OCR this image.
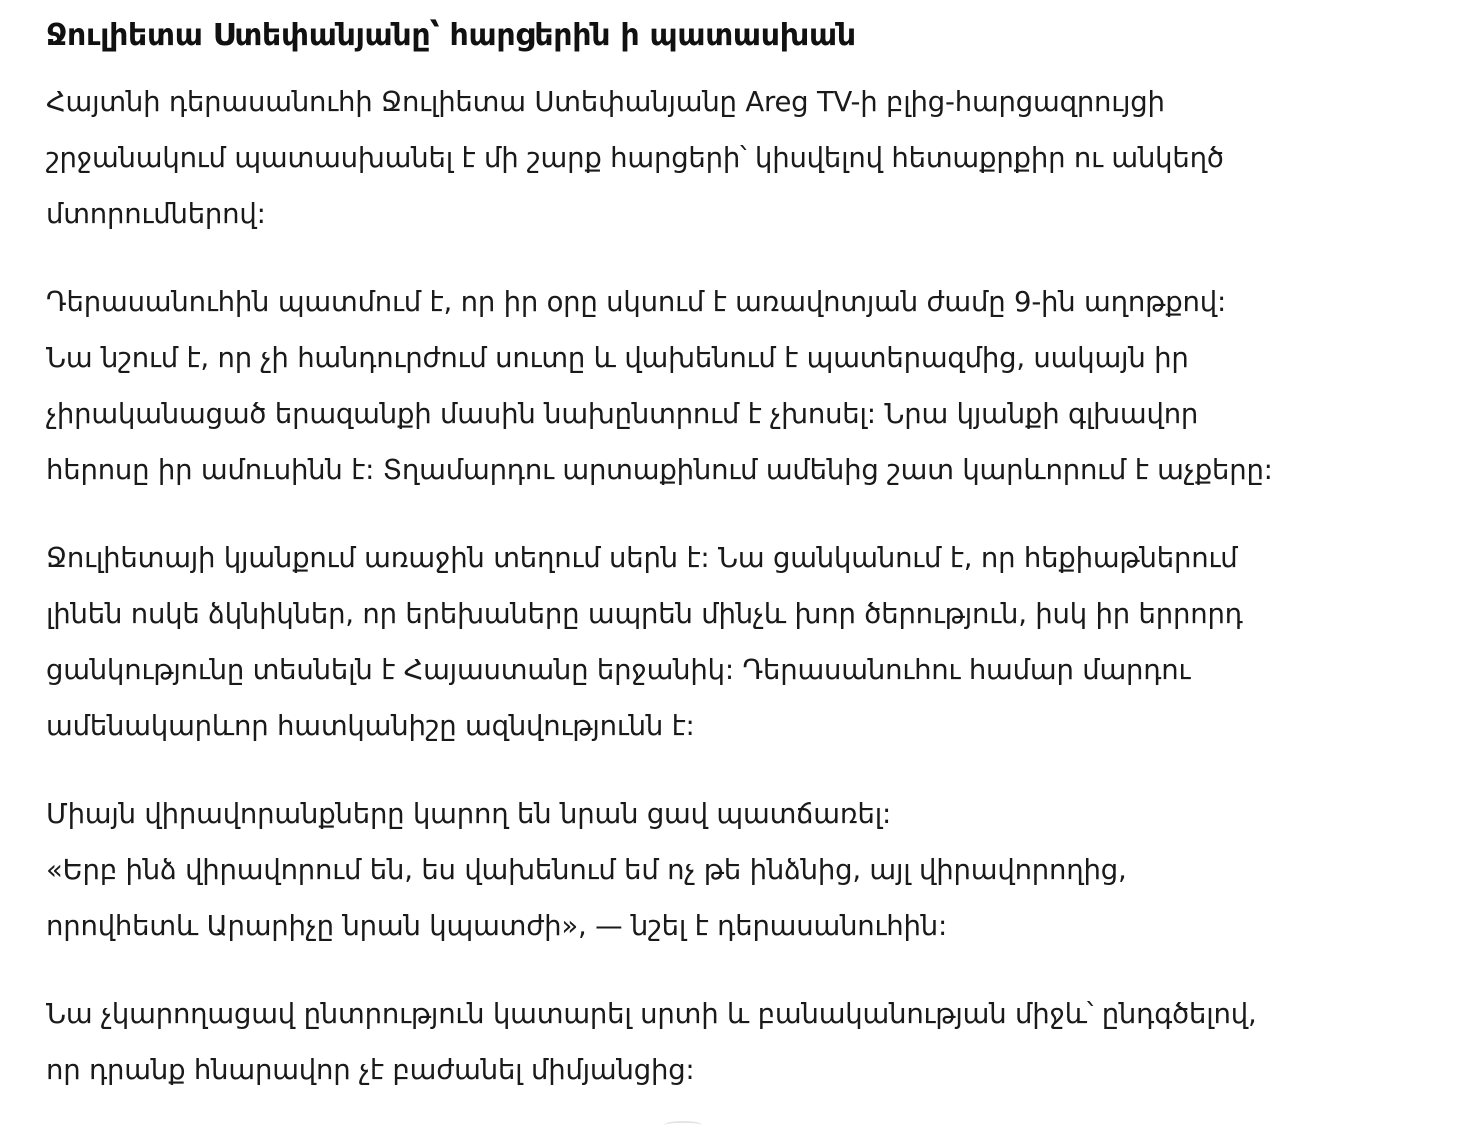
Ջուլիետա Ստեփանյանը՝ հարցերին ի պատասխան
Հայտնի դերասանուհի Ջուլիետա Ստեփանյանը Areg TV-ի բլից-հարցազրույցի
շրջանակում պատասխանել է մի շարք հարցերի՝ կիսվելով հետաքրքիր ու անկեղծ
մտորումներով:
Դերասանուհին պատմում է, որ իր օրը սկսում է առավոտյան ժամը 9-ին աղոթքով:
Նա նշում է, որ չի հանդուրժում սուտը և վախենում է պատերազմից, սակայն իր
չիրականացած երազանքի մասին նախընտրում է չխոսել: Նրա կյանքի գլխավոր
հերոսը իր ամուսինն է: Տղամարդու արտաքինում ամենից շատ կարևորում է աչքերը:
Ջուլիետայի կյանքում առաջին տեղում սերն է: Նա ցանկանում է, որ հեքիաթներում
լինեն ոսկե ձկնիկներ, որ երեխաները ապրեն մինչև խոր ծերություն, իսկ իր երրորդ
ցանկությունը տեսնելն է Հայաստանը երջանիկ: Դերասանուհու համար մարդու
ամենակարևոր հատկանիշը ազնվությունն է:
Միայն վիրավորանքները կարող են նրան ցավ պատճառել:
«Երբ ինձ վիրավորում են, ես վախենում եմ ոչ թե ինձնից, այլ վիրավորողից,
որովհետև Արարիչը նրան կպատժի», — նշել է դերասանուհին:
Նա չկարողացավ ընտրություն կատարել սրտի և բանականության միջև՝ ընդգծելով,
որ դրանք հնարավոր չէ բաժանել միմյանցից:
